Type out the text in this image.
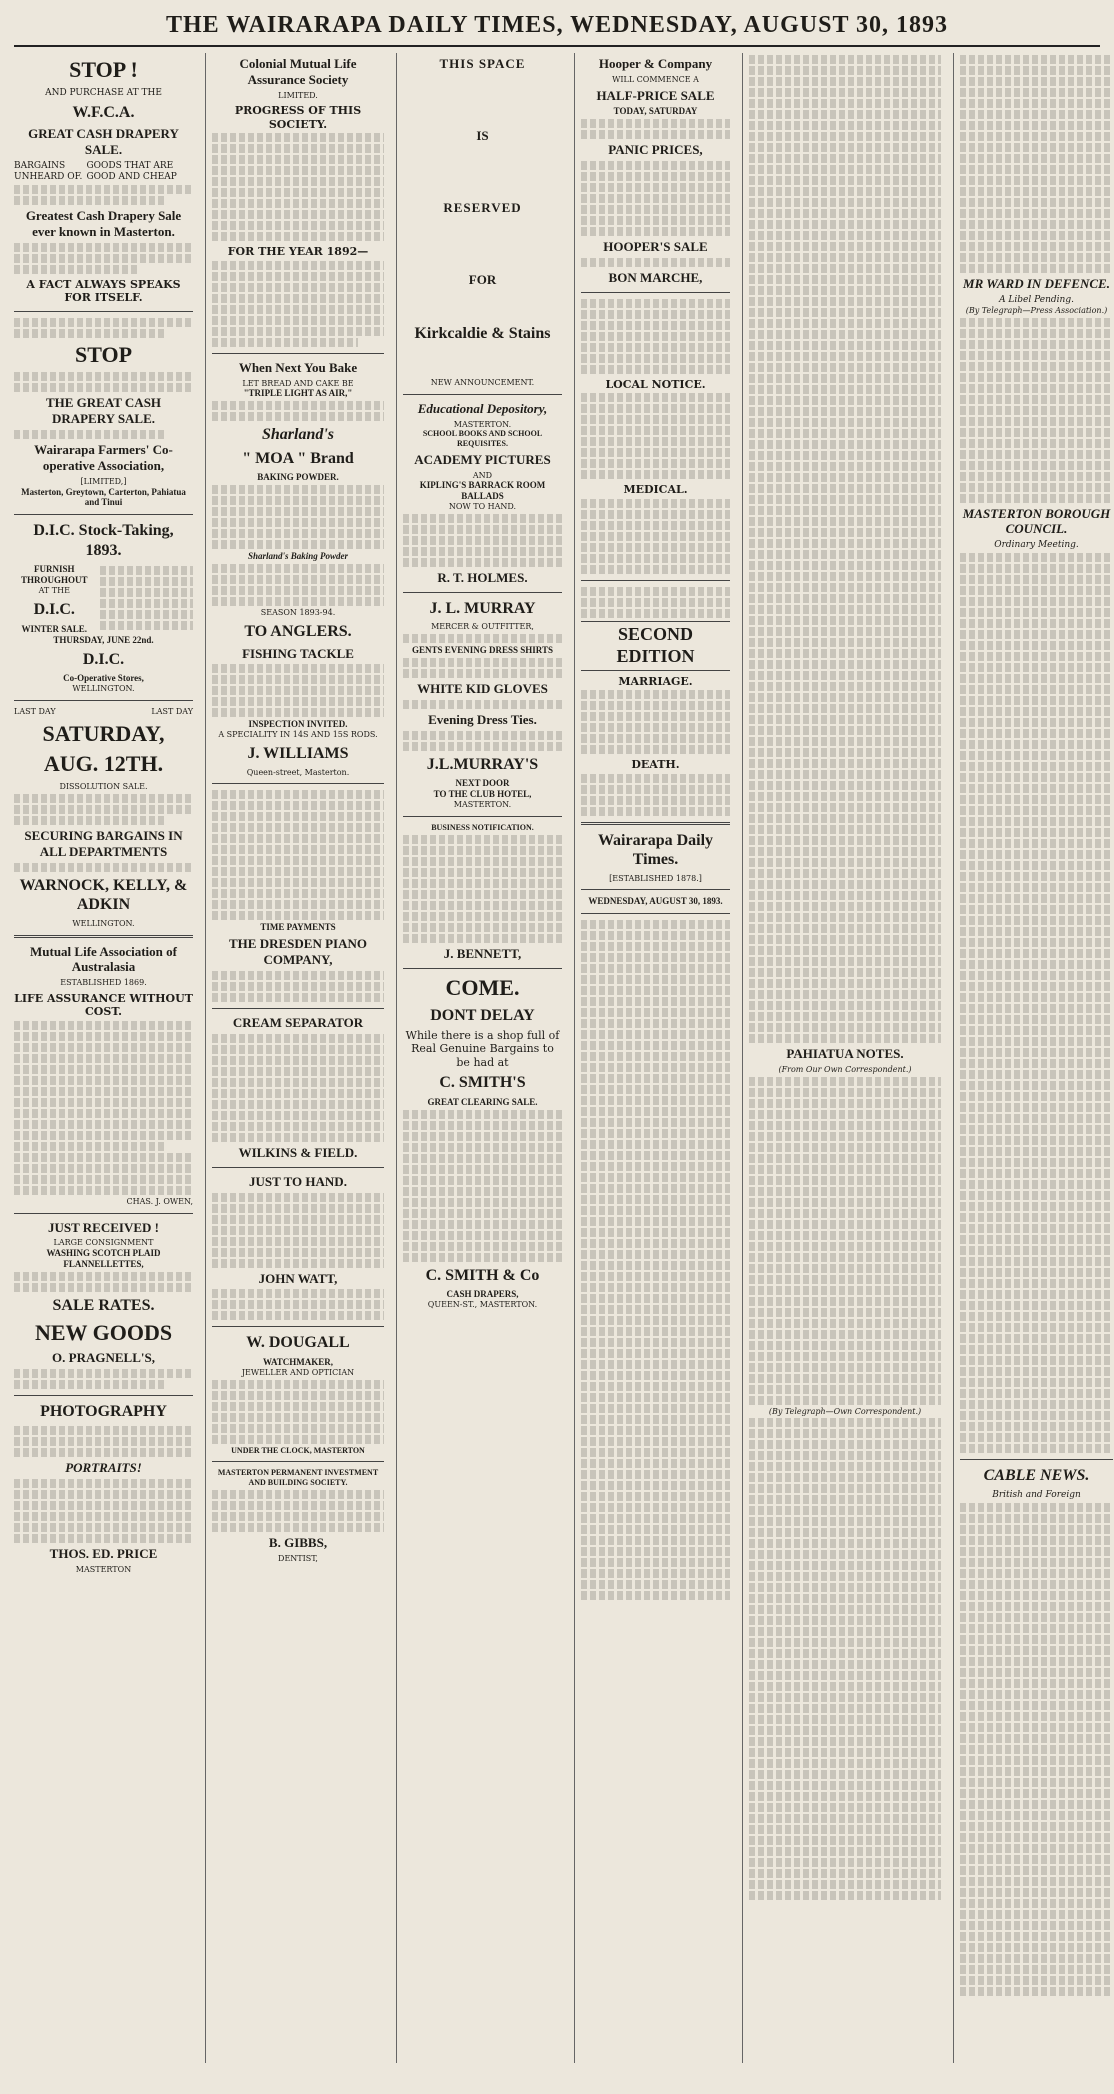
THE WAIRARAPA DAILY TIMES, WEDNESDAY, AUGUST 30, 1893
STOP !
AND PURCHASE AT THE
W.F.C.A.
GREAT CASH DRAPERY SALE.
BARGAINS UNHEARD OF.
GOODS THAT ARE GOOD AND CHEAP
Greatest Cash Drapery Sale ever known in Masterton.
A FACT ALWAYS SPEAKS FOR ITSELF.
STOP
THE GREAT CASH DRAPERY SALE.
Wairarapa Farmers' Co-operative Association,
[LIMITED,]
Masterton, Greytown, Carterton, Pahiatua and Tinui
D.I.C. Stock-Taking, 1893.
FURNISH THROUGHOUT
AT THE
D.I.C.
WINTER SALE.
THURSDAY, JUNE 22nd.
D.I.C.
Co-Operative Stores,
WELLINGTON.
LAST DAY	LAST DAY
SATURDAY,
AUG. 12TH.
DISSOLUTION SALE.
SECURING BARGAINS IN ALL DEPARTMENTS
WARNOCK, KELLY, & ADKIN
WELLINGTON.
Mutual Life Association of Australasia
ESTABLISHED 1869.
LIFE ASSURANCE WITHOUT COST.
CHAS. J. OWEN,
JUST RECEIVED !
LARGE CONSIGNMENT
WASHING SCOTCH PLAID FLANNELLETTES,
SALE RATES.
NEW GOODS
O. PRAGNELL'S,
PHOTOGRAPHY
PORTRAITS!
THOS. ED. PRICE
MASTERTON
Colonial Mutual Life Assurance Society
LIMITED.
PROGRESS OF THIS SOCIETY.
FOR THE YEAR 1892—
When Next You Bake
LET BREAD AND CAKE BE
"TRIPLE LIGHT AS AIR,"
Sharland's
" MOA " Brand
BAKING POWDER.
Sharland's Baking Powder
SEASON 1893-94.
TO ANGLERS.
FISHING TACKLE
INSPECTION INVITED.
A SPECIALITY IN 14S AND 15S RODS.
J. WILLIAMS
Queen-street, Masterton.
TIME PAYMENTS
THE DRESDEN PIANO COMPANY,
CREAM SEPARATOR
WILKINS & FIELD.
JUST TO HAND.
JOHN WATT,
W. DOUGALL
WATCHMAKER,
JEWELLER AND OPTICIAN
UNDER THE CLOCK, MASTERTON
MASTERTON PERMANENT INVESTMENT AND BUILDING SOCIETY.
B. GIBBS,
DENTIST,
THIS SPACE
IS
RESERVED
FOR
Kirkcaldie & Stains
NEW ANNOUNCEMENT.
Educational Depository,
MASTERTON.
SCHOOL BOOKS AND SCHOOL REQUISITES.
ACADEMY PICTURES
AND
KIPLING'S BARRACK ROOM
BALLADS
NOW TO HAND.
R. T. HOLMES.
J. L. MURRAY
MERCER & OUTFITTER,
GENTS EVENING DRESS SHIRTS
WHITE KID GLOVES
Evening Dress Ties.
J.L.MURRAY'S
NEXT DOOR
TO THE CLUB HOTEL,
MASTERTON.
BUSINESS NOTIFICATION.
J. BENNETT,
COME.
DONT DELAY
While there is a shop full of Real Genuine Bargains to be had at
C. SMITH'S
GREAT CLEARING SALE.
C. SMITH & Co
CASH DRAPERS,
QUEEN-ST., MASTERTON.
Hooper & Company
WILL COMMENCE A
HALF-PRICE SALE
TODAY, SATURDAY
PANIC PRICES,
HOOPER'S SALE
BON MARCHE,
LOCAL NOTICE.
MEDICAL.
SECOND EDITION
MARRIAGE.
DEATH.
Wairarapa Daily Times.
[ESTABLISHED 1878.]
WEDNESDAY, AUGUST 30, 1893.
PAHIATUA NOTES.
(From Our Own Correspondent.)
(By Telegraph—Own Correspondent.)
MR WARD IN DEFENCE.
A Libel Pending.
(By Telegraph—Press Association.)
MASTERTON BOROUGH COUNCIL.
Ordinary Meeting.
CABLE NEWS.
British and Foreign
